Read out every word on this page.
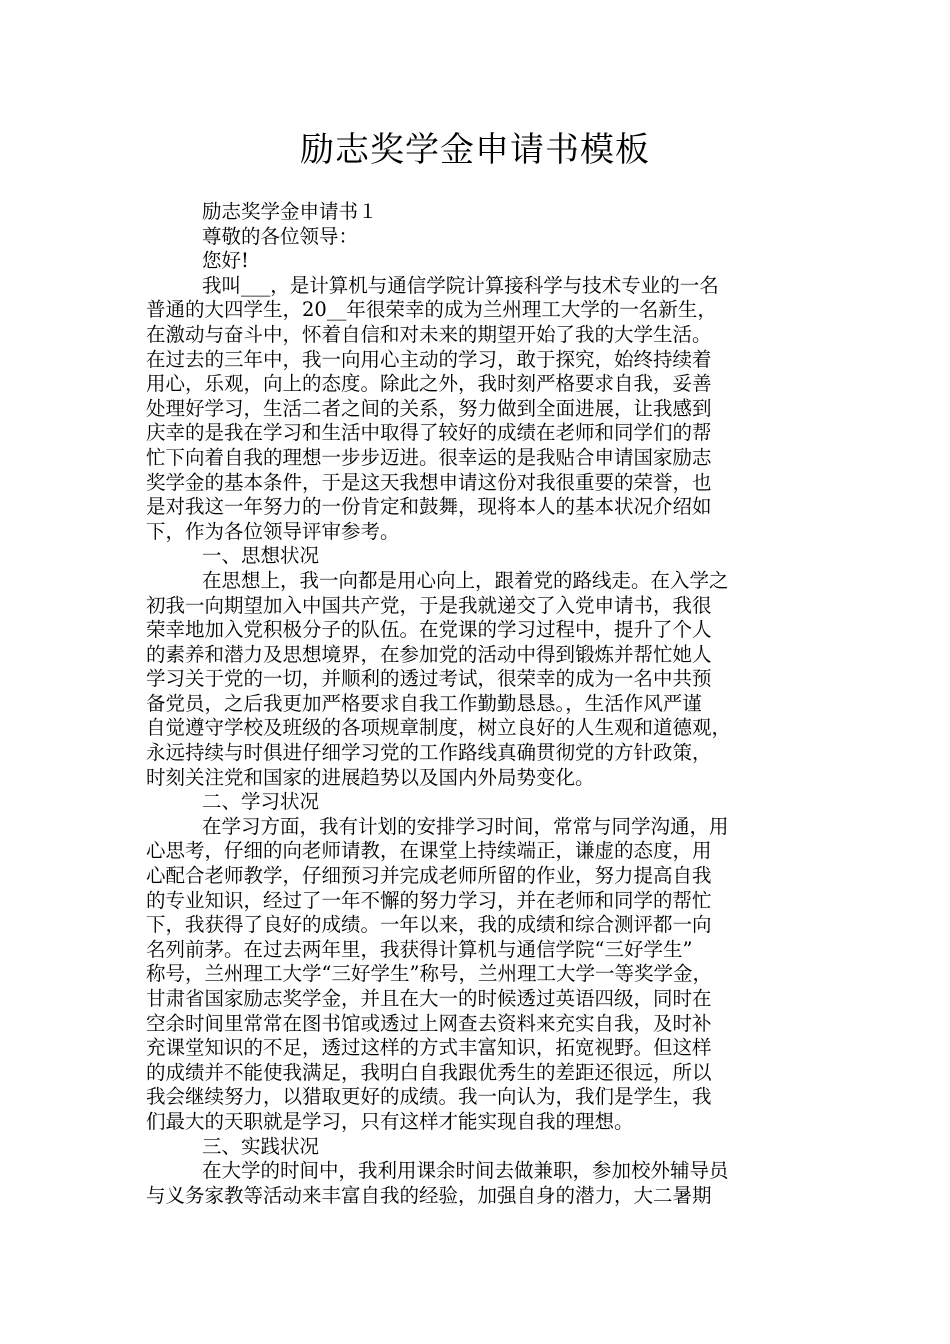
励志奖学金申请书模板
励志奖学金申请书１
尊敬的各位领导：
您好!
我叫___，是计算机与通信学院计算接科学与技术专业的一名
普通的大四学生，20__年很荣幸的成为兰州理工大学的一名新生，
在激动与奋斗中，怀着自信和对未来的期望开始了我的大学生活。
在过去的三年中，我一向用心主动的学习，敢于探究，始终持续着
用心，乐观，向上的态度。除此之外，我时刻严格要求自我，妥善
处理好学习，生活二者之间的关系，努力做到全面进展，让我感到
庆幸的是我在学习和生活中取得了较好的成绩在老师和同学们的帮
忙下向着自我的理想一步步迈进。很幸运的是我贴合申请国家励志
奖学金的基本条件，于是这天我想申请这份对我很重要的荣誉，也
是对我这一年努力的一份肯定和鼓舞，现将本人的基本状况介绍如
下，作为各位领导评审参考。
一、思想状况
在思想上，我一向都是用心向上，跟着党的路线走。在入学之
初我一向期望加入中国共产党，于是我就递交了入党申请书，我很
荣幸地加入党积极分子的队伍。在党课的学习过程中，提升了个人
的素养和潜力及思想境界，在参加党的活动中得到锻炼并帮忙她人
学习关于党的一切，并顺利的透过考试，很荣幸的成为一名中共预
备党员，之后我更加严格要求自我工作勤勤恳恳。，生活作风严谨
自觉遵守学校及班级的各项规章制度，树立良好的人生观和道德观，
永远持续与时俱进仔细学习党的工作路线真确贯彻党的方针政策，
时刻关注党和国家的进展趋势以及国内外局势变化。
二、学习状况
在学习方面，我有计划的安排学习时间，常常与同学沟通，用
心思考，仔细的向老师请教，在课堂上持续端正，谦虚的态度，用
心配合老师教学，仔细预习并完成老师所留的作业，努力提高自我
的专业知识，经过了一年不懈的努力学习，并在老师和同学的帮忙
下，我获得了良好的成绩。一年以来，我的成绩和综合测评都一向
名列前茅。在过去两年里，我获得计算机与通信学院“三好学生”
称号，兰州理工大学“三好学生”称号，兰州理工大学一等奖学金，
甘肃省国家励志奖学金，并且在大一的时候透过英语四级，同时在
空余时间里常常在图书馆或透过上网查去资料来充实自我，及时补
充课堂知识的不足，透过这样的方式丰富知识，拓宽视野。但这样
的成绩并不能使我满足，我明白自我跟优秀生的差距还很远，所以
我会继续努力，以猎取更好的成绩。我一向认为，我们是学生，我
们最大的天职就是学习，只有这样才能实现自我的理想。
三、实践状况
在大学的时间中，我利用课余时间去做兼职，参加校外辅导员
与义务家教等活动来丰富自我的经验，加强自身的潜力，大二暑期
